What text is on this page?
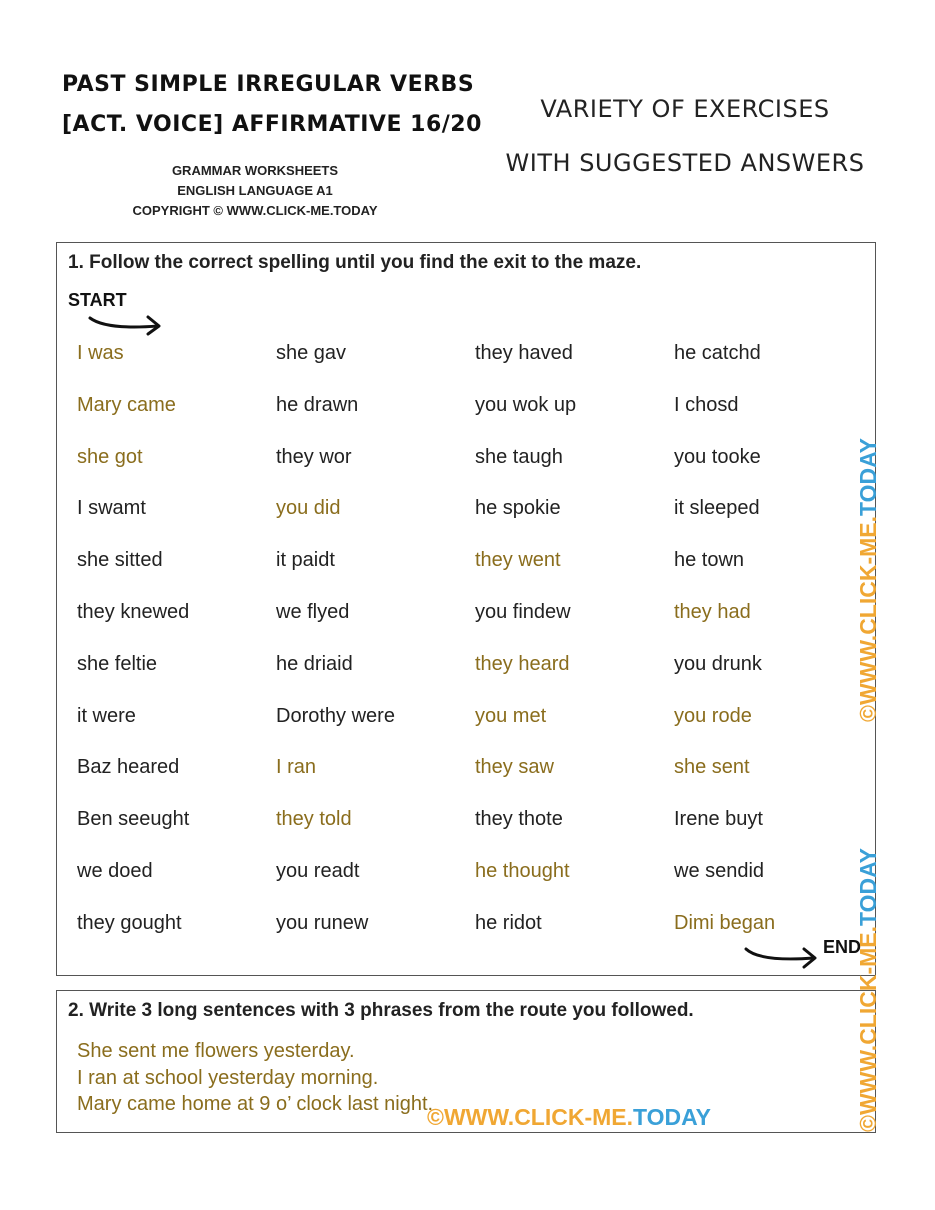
PAST SIMPLE IRREGULAR VERBS
[ACT. VOICE] AFFIRMATIVE 16/20
GRAMMAR WORKSHEETS
ENGLISH LANGUAGE A1
COPYRIGHT © WWW.CLICK-ME.TODAY
VARIETY OF EXERCISES
WITH SUGGESTED ANSWERS
1. Follow the correct spelling until you find the exit to the maze.
START
I was	she gav	they haved	he catchd
Mary came	he drawn	you wok up	I chosd
she got	they wor	she taugh	you tooke
I swamt	you did	he spokie	it sleeped
she sitted	it paidt	they went	he town
they knewed	we flyed	you findew	they had
she feltie	he driaid	they heard	you drunk
it were	Dorothy were	you met	you rode
Baz heared	I ran	they saw	she sent
Ben seeught	they told	they thote	Irene buyt
we doed	you readt	he thought	we sendid
they gought	you runew	he ridot	Dimi began
END
2. Write 3 long sentences with 3 phrases from the route you followed.
She sent me flowers yesterday.
I ran at school yesterday morning.
Mary came home at 9 o’ clock last night.
©WWW.CLICK-ME.TODAY
©WWW.CLICK-ME.TODAY
©WWW.CLICK-ME.TODAY
